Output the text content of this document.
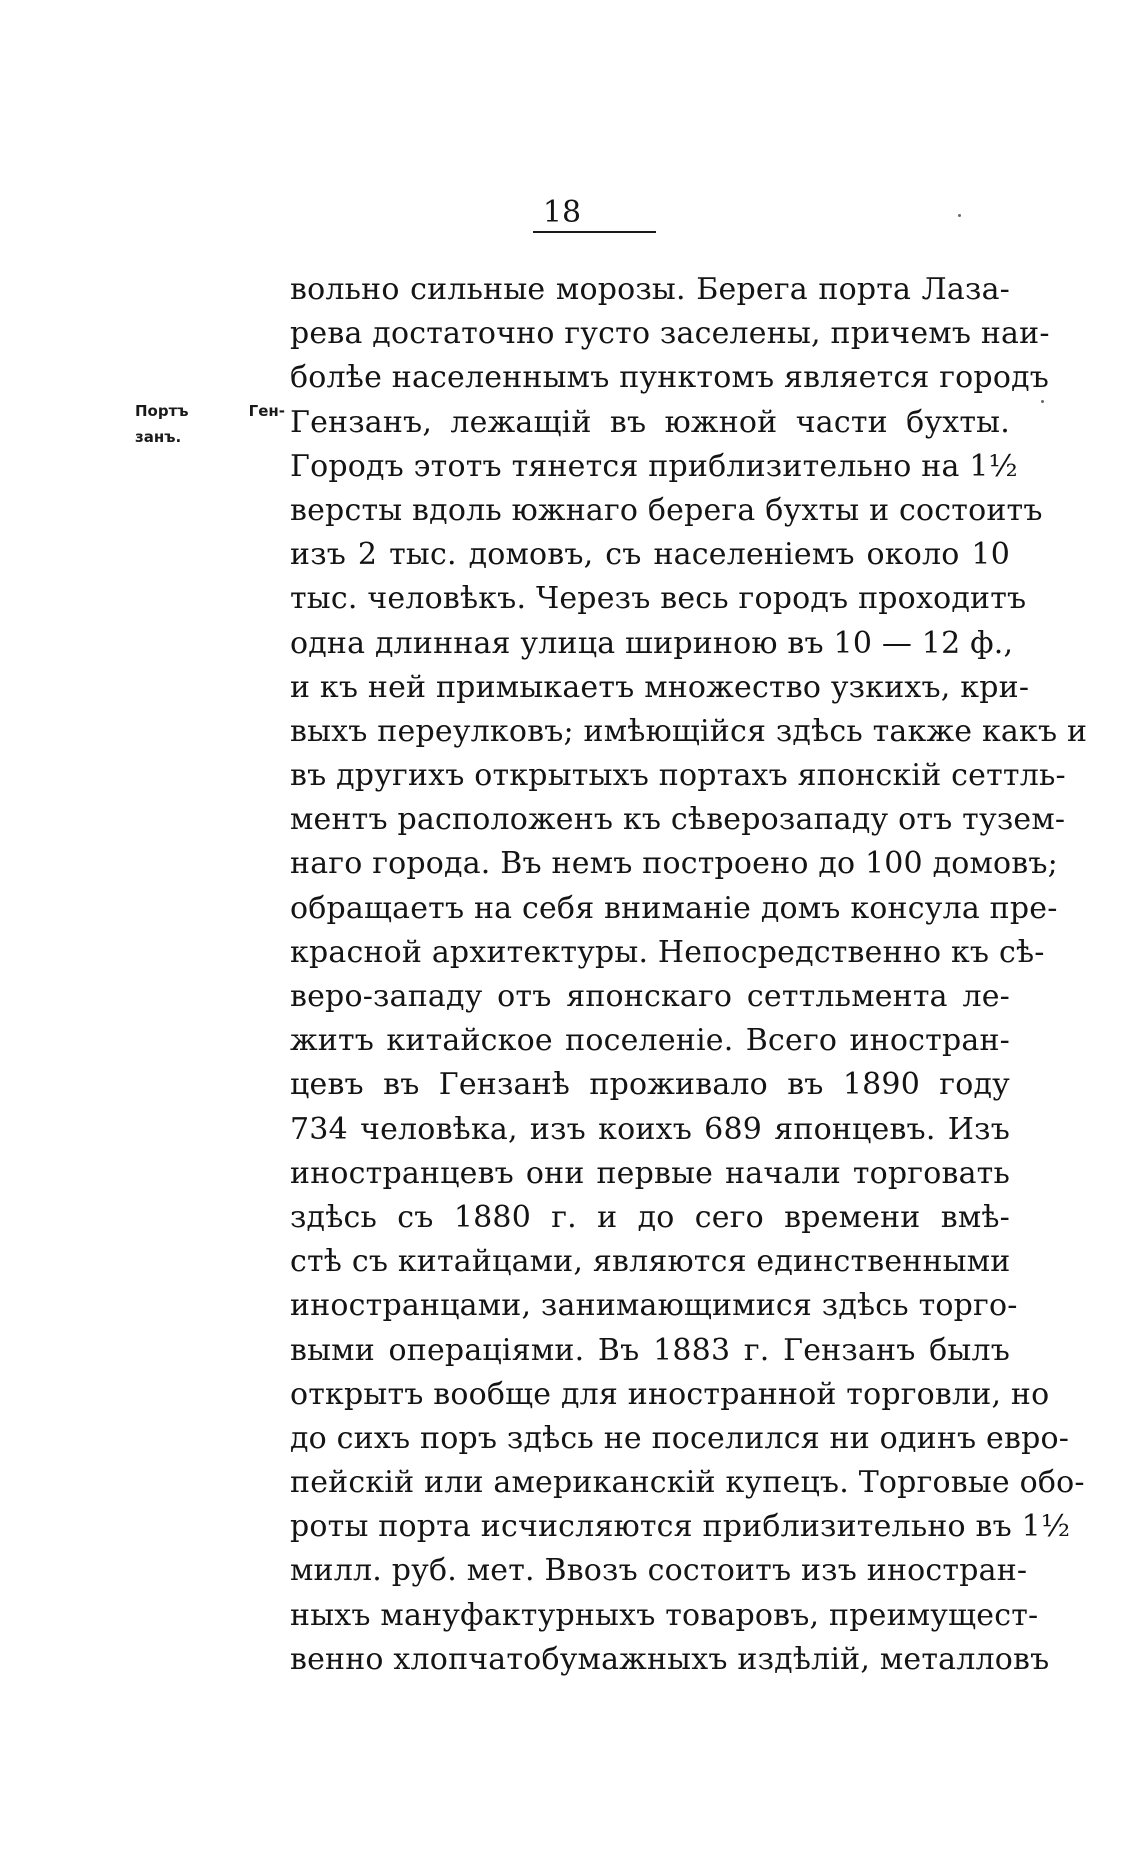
18
Портъ Ген-
занъ.
вольно сильные морозы. Берега порта Лаза-
рева достаточно густо заселены, причемъ наи-
болѣе населеннымъ пунктомъ является городъ
Гензанъ, лежащій въ южной части бухты.
Городъ этотъ тянется приблизительно на 1½
версты вдоль южнаго берега бухты и состоитъ
изъ 2 тыс. домовъ, съ населеніемъ около 10
тыс. человѣкъ. Черезъ весь городъ проходитъ
одна длинная улица шириною въ 10 — 12 ф.,
и къ ней примыкаетъ множество узкихъ, кри-
выхъ переулковъ; имѣющійся здѣсь также какъ и
въ другихъ открытыхъ портахъ японскій сеттль-
ментъ расположенъ къ сѣверозападу отъ тузем-
наго города. Въ немъ построено до 100 домовъ;
обращаетъ на себя вниманіе домъ консула пре-
красной архитектуры. Непосредственно къ сѣ-
веро-западу отъ японскаго сеттльмента ле-
житъ китайское поселеніе. Всего иностран-
цевъ въ Гензанѣ проживало въ 1890 году
734 человѣка, изъ коихъ 689 японцевъ. Изъ
иностранцевъ они первые начали торговать
здѣсь съ 1880 г. и до сего времени вмѣ-
стѣ съ китайцами, являются единственными
иностранцами, занимающимися здѣсь торго-
выми операціями. Въ 1883 г. Гензанъ былъ
открытъ вообще для иностранной торговли, но
до сихъ поръ здѣсь не поселился ни одинъ евро-
пейскій или американскій купецъ. Торговые обо-
роты порта исчисляются приблизительно въ 1½
милл. руб. мет. Ввозъ состоитъ изъ иностран-
ныхъ мануфактурныхъ товаровъ, преимущест-
венно хлопчатобумажныхъ издѣлій, металловъ
